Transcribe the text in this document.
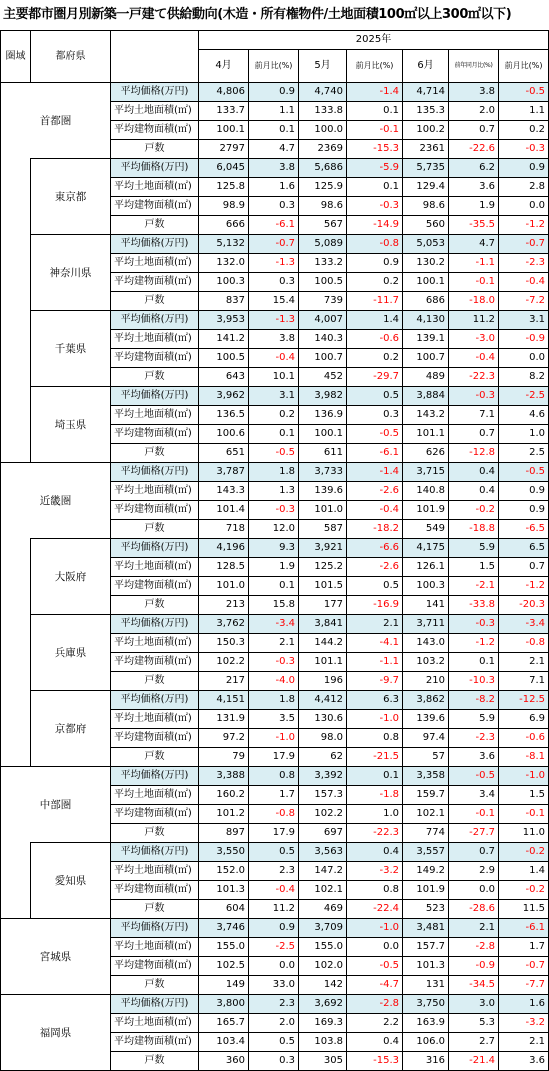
主要都市圏月別新築一戸建て供給動向(木造・所有権物件/土地面積100㎡以上300㎡以下)
圏域	都府県		2025年						
			4月	前月比(%)	5月	前月比(%)	6月	前年同月比(%)	前月比(%)
首都圏		平均価格(万円)	4,806	0.9	4,740	-1.4	4,714	3.8	-0.5
		平均土地面積(㎡)	133.7	1.1	133.8	0.1	135.3	2.0	1.1
		平均建物面積(㎡)	100.1	0.1	100.0	-0.1	100.2	0.7	0.2
		戸数	2797	4.7	2369	-15.3	2361	-22.6	-0.3
	東京都	平均価格(万円)	6,045	3.8	5,686	-5.9	5,735	6.2	0.9
		平均土地面積(㎡)	125.8	1.6	125.9	0.1	129.4	3.6	2.8
		平均建物面積(㎡)	98.9	0.3	98.6	-0.3	98.6	1.9	0.0
		戸数	666	-6.1	567	-14.9	560	-35.5	-1.2
	神奈川県	平均価格(万円)	5,132	-0.7	5,089	-0.8	5,053	4.7	-0.7
		平均土地面積(㎡)	132.0	-1.3	133.2	0.9	130.2	-1.1	-2.3
		平均建物面積(㎡)	100.3	0.3	100.5	0.2	100.1	-0.1	-0.4
		戸数	837	15.4	739	-11.7	686	-18.0	-7.2
	千葉県	平均価格(万円)	3,953	-1.3	4,007	1.4	4,130	11.2	3.1
		平均土地面積(㎡)	141.2	3.8	140.3	-0.6	139.1	-3.0	-0.9
		平均建物面積(㎡)	100.5	-0.4	100.7	0.2	100.7	-0.4	0.0
		戸数	643	10.1	452	-29.7	489	-22.3	8.2
	埼玉県	平均価格(万円)	3,962	3.1	3,982	0.5	3,884	-0.3	-2.5
		平均土地面積(㎡)	136.5	0.2	136.9	0.3	143.2	7.1	4.6
		平均建物面積(㎡)	100.6	0.1	100.1	-0.5	101.1	0.7	1.0
		戸数	651	-0.5	611	-6.1	626	-12.8	2.5
近畿圏		平均価格(万円)	3,787	1.8	3,733	-1.4	3,715	0.4	-0.5
		平均土地面積(㎡)	143.3	1.3	139.6	-2.6	140.8	0.4	0.9
		平均建物面積(㎡)	101.4	-0.3	101.0	-0.4	101.9	-0.2	0.9
		戸数	718	12.0	587	-18.2	549	-18.8	-6.5
	大阪府	平均価格(万円)	4,196	9.3	3,921	-6.6	4,175	5.9	6.5
		平均土地面積(㎡)	128.5	1.9	125.2	-2.6	126.1	1.5	0.7
		平均建物面積(㎡)	101.0	0.1	101.5	0.5	100.3	-2.1	-1.2
		戸数	213	15.8	177	-16.9	141	-33.8	-20.3
	兵庫県	平均価格(万円)	3,762	-3.4	3,841	2.1	3,711	-0.3	-3.4
		平均土地面積(㎡)	150.3	2.1	144.2	-4.1	143.0	-1.2	-0.8
		平均建物面積(㎡)	102.2	-0.3	101.1	-1.1	103.2	0.1	2.1
		戸数	217	-4.0	196	-9.7	210	-10.3	7.1
	京都府	平均価格(万円)	4,151	1.8	4,412	6.3	3,862	-8.2	-12.5
		平均土地面積(㎡)	131.9	3.5	130.6	-1.0	139.6	5.9	6.9
		平均建物面積(㎡)	97.2	-1.0	98.0	0.8	97.4	-2.3	-0.6
		戸数	79	17.9	62	-21.5	57	3.6	-8.1
中部圏		平均価格(万円)	3,388	0.8	3,392	0.1	3,358	-0.5	-1.0
		平均土地面積(㎡)	160.2	1.7	157.3	-1.8	159.7	3.4	1.5
		平均建物面積(㎡)	101.2	-0.8	102.2	1.0	102.1	-0.1	-0.1
		戸数	897	17.9	697	-22.3	774	-27.7	11.0
	愛知県	平均価格(万円)	3,550	0.5	3,563	0.4	3,557	0.7	-0.2
		平均土地面積(㎡)	152.0	2.3	147.2	-3.2	149.2	2.9	1.4
		平均建物面積(㎡)	101.3	-0.4	102.1	0.8	101.9	0.0	-0.2
		戸数	604	11.2	469	-22.4	523	-28.6	11.5
宮城県		平均価格(万円)	3,746	0.9	3,709	-1.0	3,481	2.1	-6.1
		平均土地面積(㎡)	155.0	-2.5	155.0	0.0	157.7	-2.8	1.7
		平均建物面積(㎡)	102.5	0.0	102.0	-0.5	101.3	-0.9	-0.7
		戸数	149	33.0	142	-4.7	131	-34.5	-7.7
福岡県		平均価格(万円)	3,800	2.3	3,692	-2.8	3,750	3.0	1.6
		平均土地面積(㎡)	165.7	2.0	169.3	2.2	163.9	5.3	-3.2
		平均建物面積(㎡)	103.4	0.5	103.8	0.4	106.0	2.7	2.1
		戸数	360	0.3	305	-15.3	316	-21.4	3.6
